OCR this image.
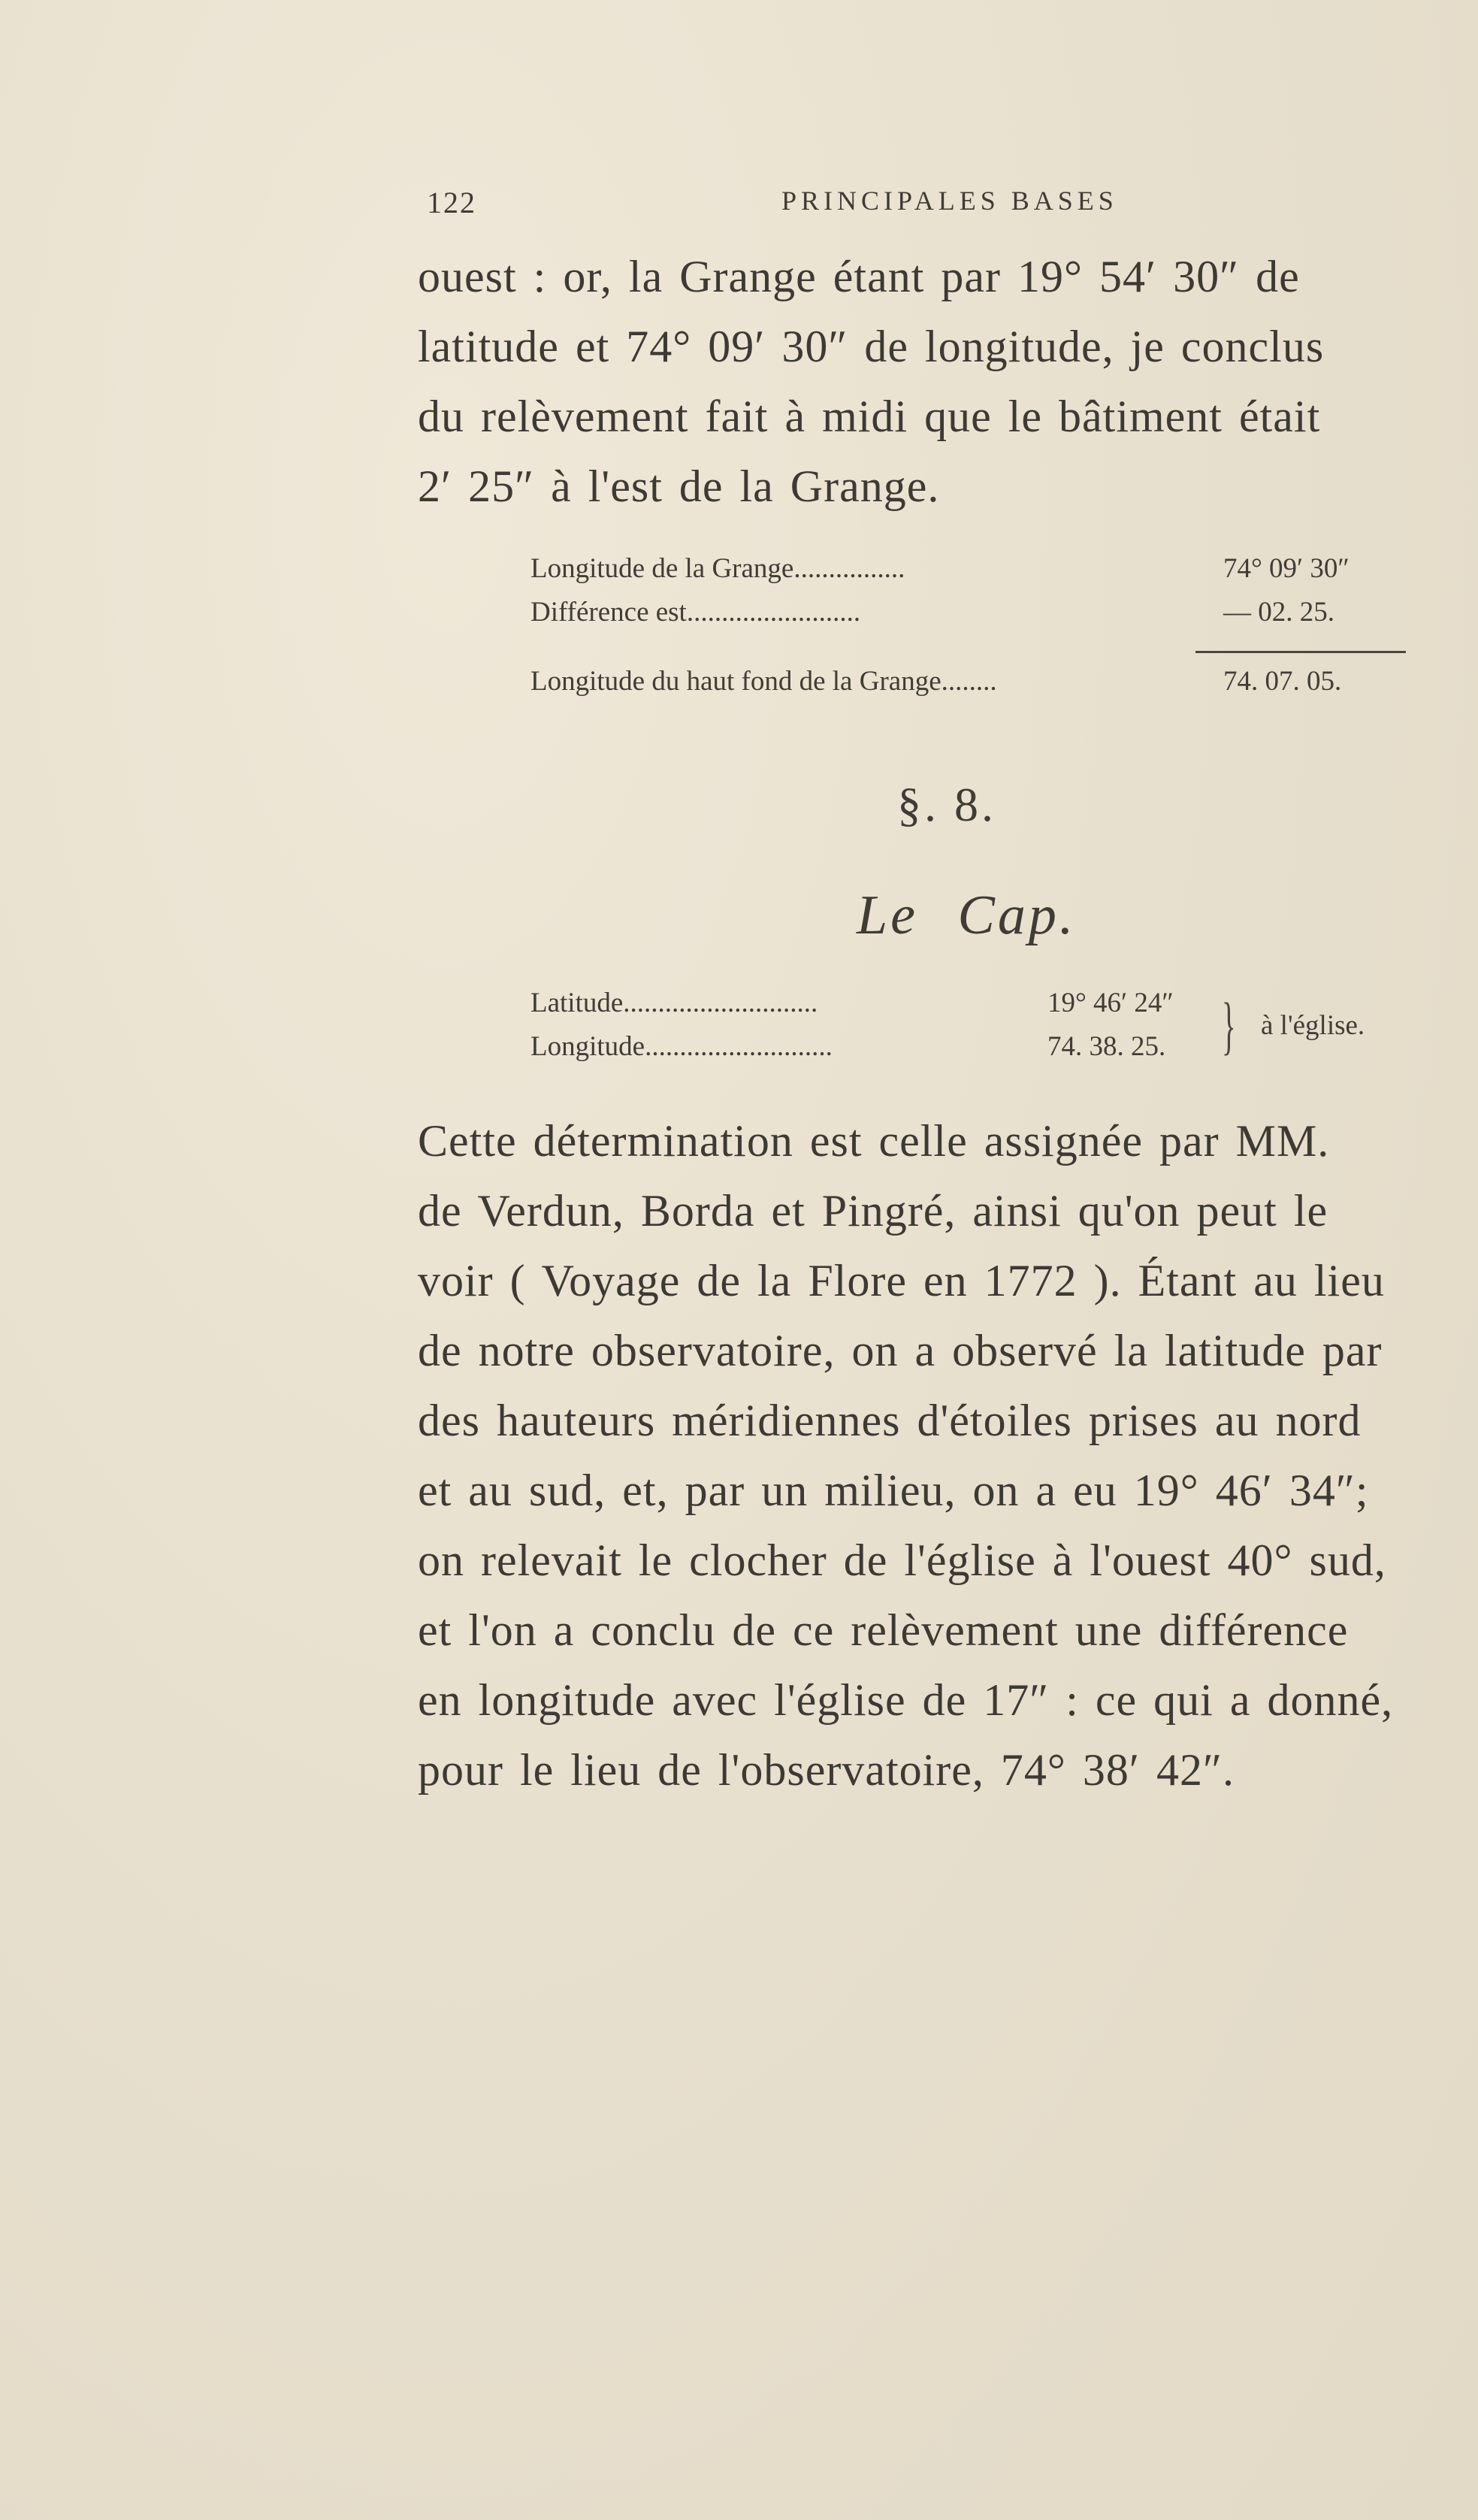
122	PRINCIPALES BASES
ouest : or, la Grange étant par 19° 54′ 30″ de
latitude et 74° 09′ 30″ de longitude, je conclus
du relèvement fait à midi que le bâtiment était
2′ 25″ à l'est de la Grange.
Longitude de la Grange................	74° 09′ 30″
Différence est.........................	— 02. 25.
Longitude du haut fond de la Grange........	74. 07. 05.
§. 8.
Le Cap.
Latitude............................	19° 46′ 24″
Longitude...........................	74. 38. 25. } à l'église.
Cette détermination est celle assignée par MM.
de Verdun, Borda et Pingré, ainsi qu'on peut le
voir ( Voyage de la Flore en 1772 ). Étant au lieu
de notre observatoire, on a observé la latitude par
des hauteurs méridiennes d'étoiles prises au nord
et au sud, et, par un milieu, on a eu 19° 46′ 34″;
on relevait le clocher de l'église à l'ouest 40° sud,
et l'on a conclu de ce relèvement une différence
en longitude avec l'église de 17″ : ce qui a donné,
pour le lieu de l'observatoire, 74° 38′ 42″.
